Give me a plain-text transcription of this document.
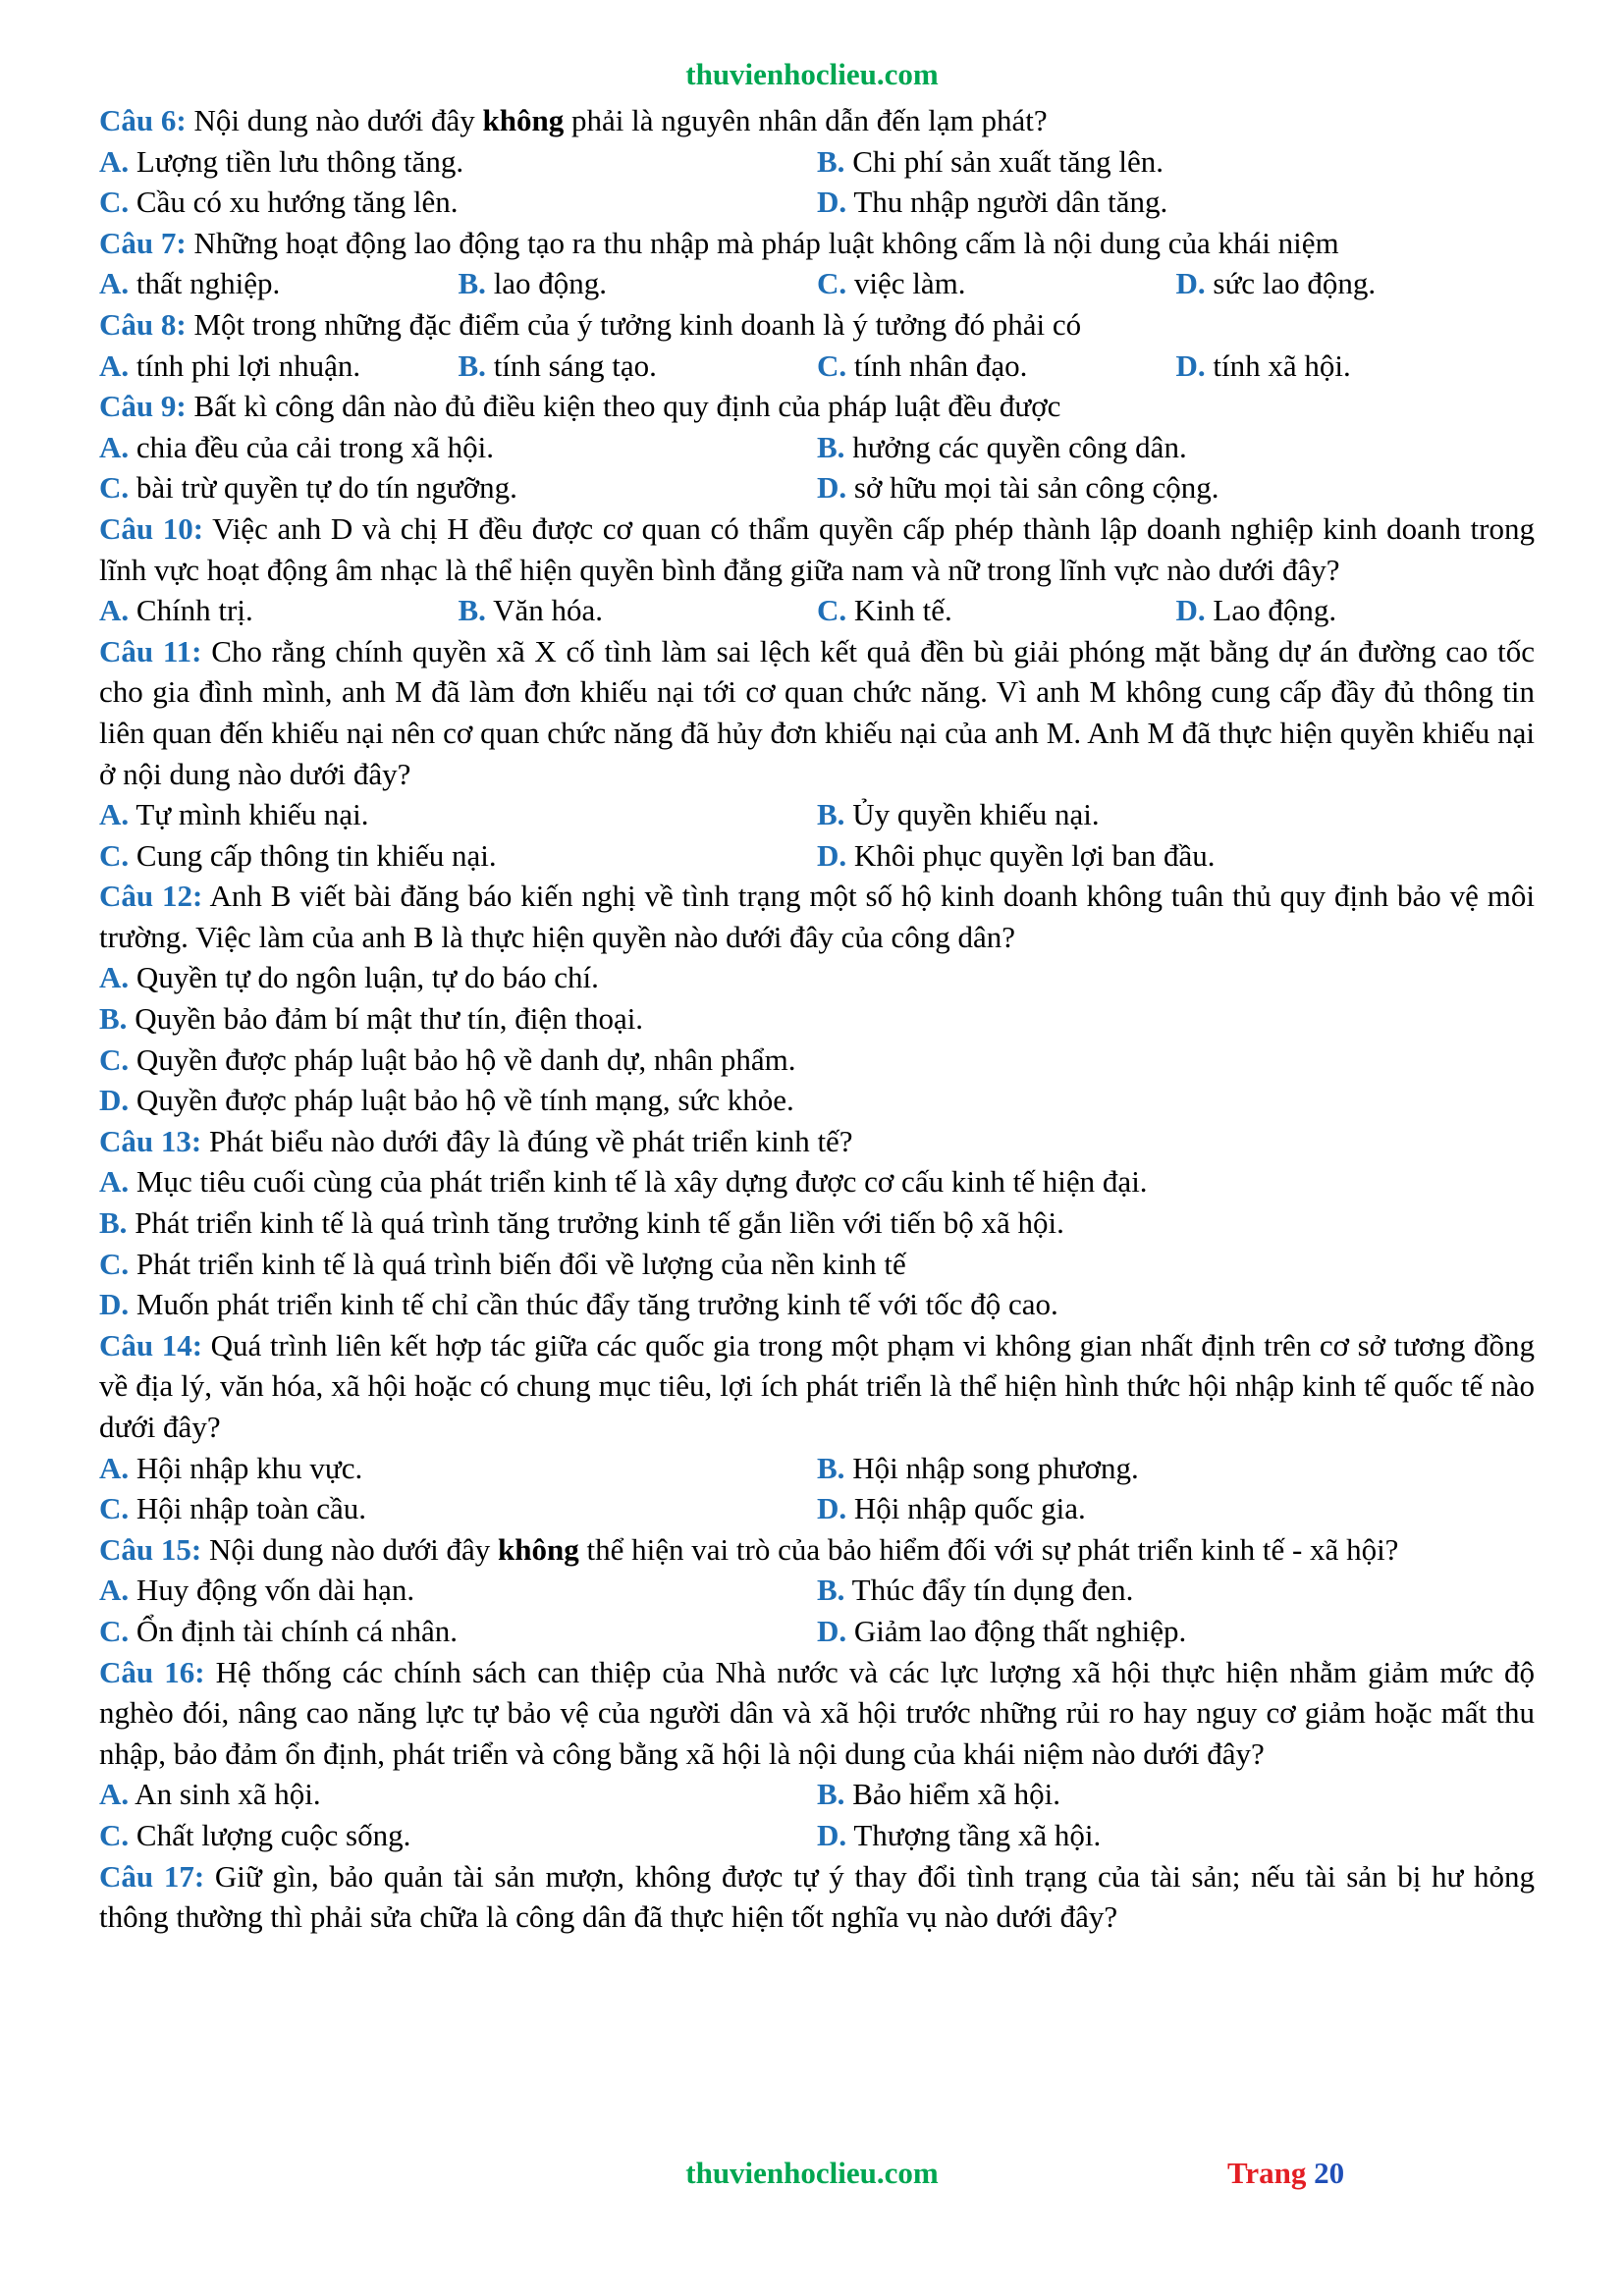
thuvienhoclieu.com
Câu 6: Nội dung nào dưới đây không phải là nguyên nhân dẫn đến lạm phát?
A. Lượng tiền lưu thông tăng.	B. Chi phí sản xuất tăng lên.
C. Cầu có xu hướng tăng lên.	D. Thu nhập người dân tăng.
Câu 7: Những hoạt động lao động tạo ra thu nhập mà pháp luật không cấm là nội dung của khái niệm
A. thất nghiệp.	B. lao động.	C. việc làm.	D. sức lao động.
Câu 8: Một trong những đặc điểm của ý tưởng kinh doanh là ý tưởng đó phải có
A. tính phi lợi nhuận.	B. tính sáng tạo.	C. tính nhân đạo.	D. tính xã hội.
Câu 9: Bất kì công dân nào đủ điều kiện theo quy định của pháp luật đều được
A. chia đều của cải trong xã hội.	B. hưởng các quyền công dân.
C. bài trừ quyền tự do tín ngưỡng.	D. sở hữu mọi tài sản công cộng.
Câu 10: Việc anh D và chị H đều được cơ quan có thẩm quyền cấp phép thành lập doanh nghiệp kinh doanh trong lĩnh vực hoạt động âm nhạc là thể hiện quyền bình đẳng giữa nam và nữ trong lĩnh vực nào dưới đây?
A. Chính trị.	B. Văn hóa.	C. Kinh tế.	D. Lao động.
Câu 11: Cho rằng chính quyền xã X cố tình làm sai lệch kết quả đền bù giải phóng mặt bằng dự án đường cao tốc cho gia đình mình, anh M đã làm đơn khiếu nại tới cơ quan chức năng. Vì anh M không cung cấp đầy đủ thông tin liên quan đến khiếu nại nên cơ quan chức năng đã hủy đơn khiếu nại của anh M. Anh M đã thực hiện quyền khiếu nại ở nội dung nào dưới đây?
A. Tự mình khiếu nại.	B. Ủy quyền khiếu nại.
C. Cung cấp thông tin khiếu nại.	D. Khôi phục quyền lợi ban đầu.
Câu 12: Anh B viết bài đăng báo kiến nghị về tình trạng một số hộ kinh doanh không tuân thủ quy định bảo vệ môi trường. Việc làm của anh B là thực hiện quyền nào dưới đây của công dân?
A. Quyền tự do ngôn luận, tự do báo chí.
B. Quyền bảo đảm bí mật thư tín, điện thoại.
C. Quyền được pháp luật bảo hộ về danh dự, nhân phẩm.
D. Quyền được pháp luật bảo hộ về tính mạng, sức khỏe.
Câu 13: Phát biểu nào dưới đây là đúng về phát triển kinh tế?
A. Mục tiêu cuối cùng của phát triển kinh tế là xây dựng được cơ cấu kinh tế hiện đại.
B. Phát triển kinh tế là quá trình tăng trưởng kinh tế gắn liền với tiến bộ xã hội.
C. Phát triển kinh tế là quá trình biến đổi về lượng của nền kinh tế
D. Muốn phát triển kinh tế chỉ cần thúc đẩy tăng trưởng kinh tế với tốc độ cao.
Câu 14: Quá trình liên kết hợp tác giữa các quốc gia trong một phạm vi không gian nhất định trên cơ sở tương đồng về địa lý, văn hóa, xã hội hoặc có chung mục tiêu, lợi ích phát triển là thể hiện hình thức hội nhập kinh tế quốc tế nào dưới đây?
A. Hội nhập khu vực.	B. Hội nhập song phương.
C. Hội nhập toàn cầu.	D. Hội nhập quốc gia.
Câu 15: Nội dung nào dưới đây không thể hiện vai trò của bảo hiểm đối với sự phát triển kinh tế - xã hội?
A. Huy động vốn dài hạn.	B. Thúc đẩy tín dụng đen.
C. Ổn định tài chính cá nhân.	D. Giảm lao động thất nghiệp.
Câu 16: Hệ thống các chính sách can thiệp của Nhà nước và các lực lượng xã hội thực hiện nhằm giảm mức độ nghèo đói, nâng cao năng lực tự bảo vệ của người dân và xã hội trước những rủi ro hay nguy cơ giảm hoặc mất thu nhập, bảo đảm ổn định, phát triển và công bằng xã hội là nội dung của khái niệm nào dưới đây?
A. An sinh xã hội.	B. Bảo hiểm xã hội.
C. Chất lượng cuộc sống.	D. Thượng tầng xã hội.
Câu 17: Giữ gìn, bảo quản tài sản mượn, không được tự ý thay đổi tình trạng của tài sản; nếu tài sản bị hư hỏng thông thường thì phải sửa chữa là công dân đã thực hiện tốt nghĩa vụ nào dưới đây?
thuvienhoclieu.com	Trang 20
